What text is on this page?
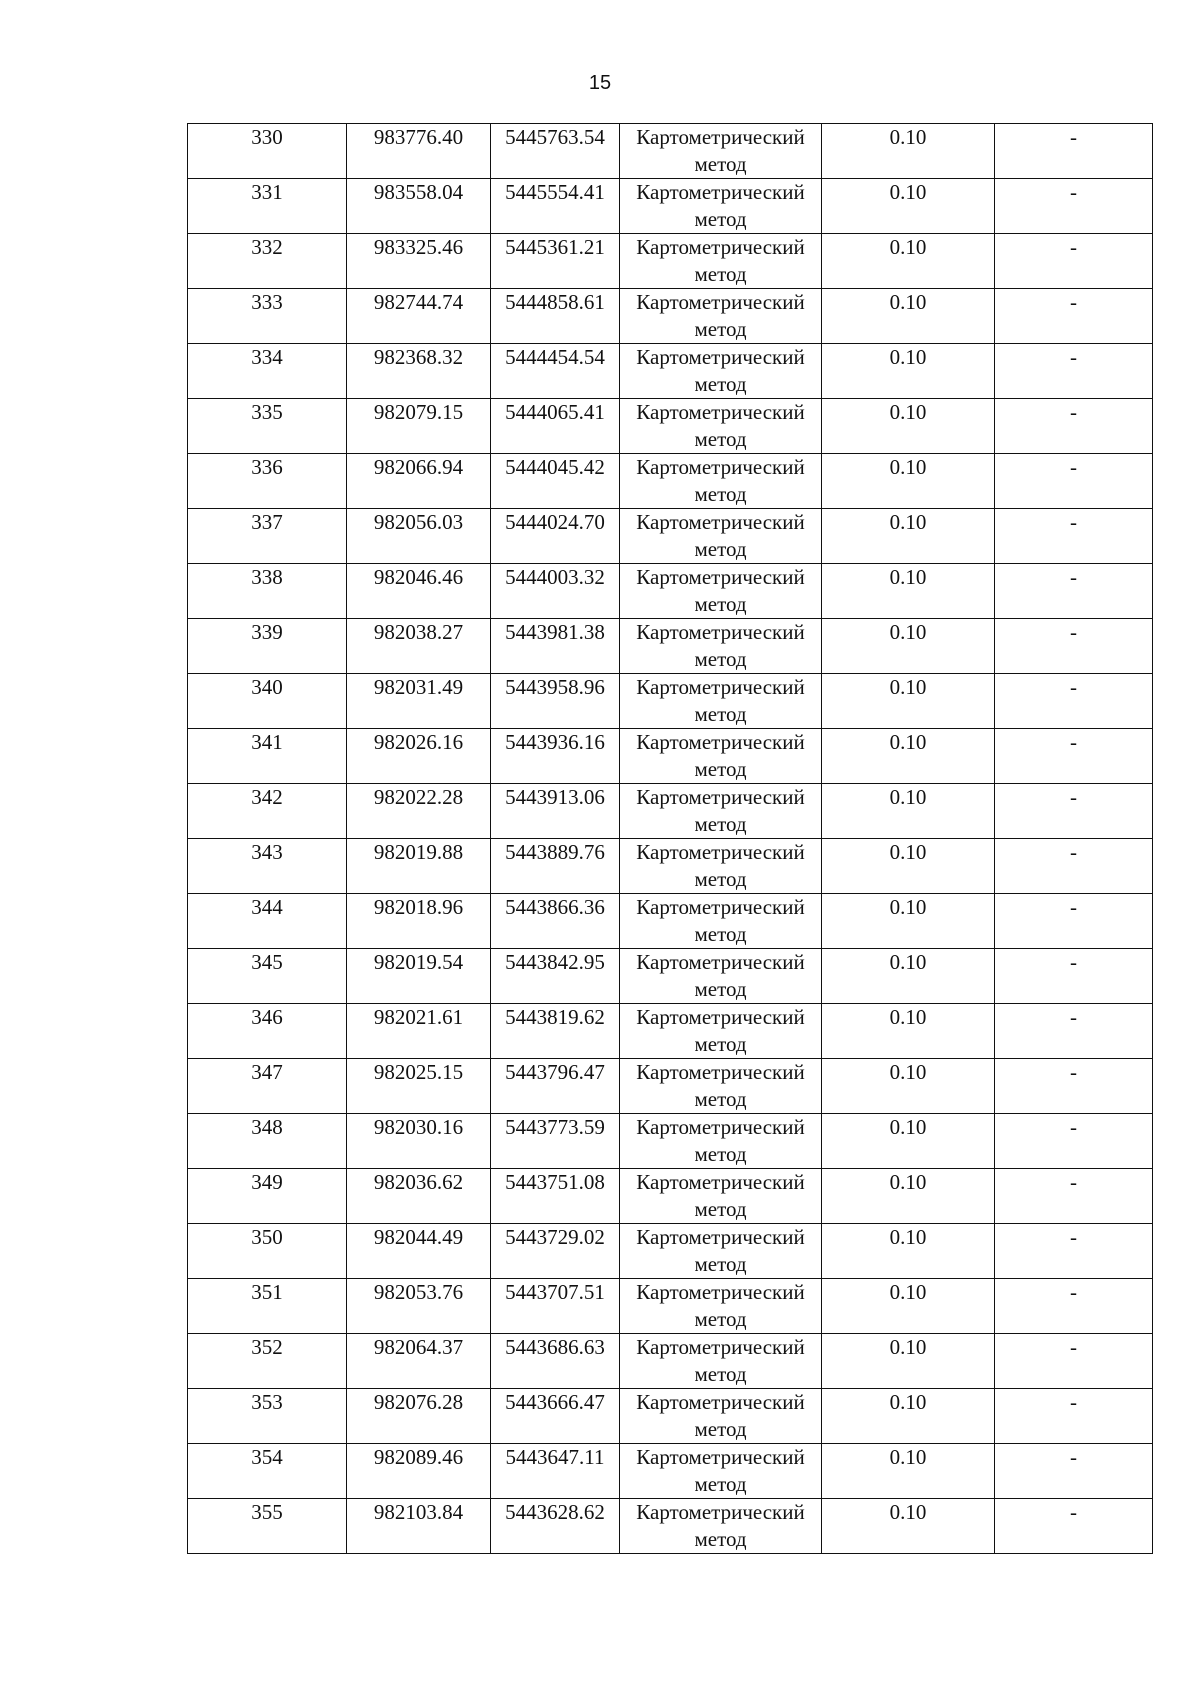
15
330	983776.40	5445763.54	Картометрический метод	0.10	-
331	983558.04	5445554.41	Картометрический метод	0.10	-
332	983325.46	5445361.21	Картометрический метод	0.10	-
333	982744.74	5444858.61	Картометрический метод	0.10	-
334	982368.32	5444454.54	Картометрический метод	0.10	-
335	982079.15	5444065.41	Картометрический метод	0.10	-
336	982066.94	5444045.42	Картометрический метод	0.10	-
337	982056.03	5444024.70	Картометрический метод	0.10	-
338	982046.46	5444003.32	Картометрический метод	0.10	-
339	982038.27	5443981.38	Картометрический метод	0.10	-
340	982031.49	5443958.96	Картометрический метод	0.10	-
341	982026.16	5443936.16	Картометрический метод	0.10	-
342	982022.28	5443913.06	Картометрический метод	0.10	-
343	982019.88	5443889.76	Картометрический метод	0.10	-
344	982018.96	5443866.36	Картометрический метод	0.10	-
345	982019.54	5443842.95	Картометрический метод	0.10	-
346	982021.61	5443819.62	Картометрический метод	0.10	-
347	982025.15	5443796.47	Картометрический метод	0.10	-
348	982030.16	5443773.59	Картометрический метод	0.10	-
349	982036.62	5443751.08	Картометрический метод	0.10	-
350	982044.49	5443729.02	Картометрический метод	0.10	-
351	982053.76	5443707.51	Картометрический метод	0.10	-
352	982064.37	5443686.63	Картометрический метод	0.10	-
353	982076.28	5443666.47	Картометрический метод	0.10	-
354	982089.46	5443647.11	Картометрический метод	0.10	-
355	982103.84	5443628.62	Картометрический метод	0.10	-
